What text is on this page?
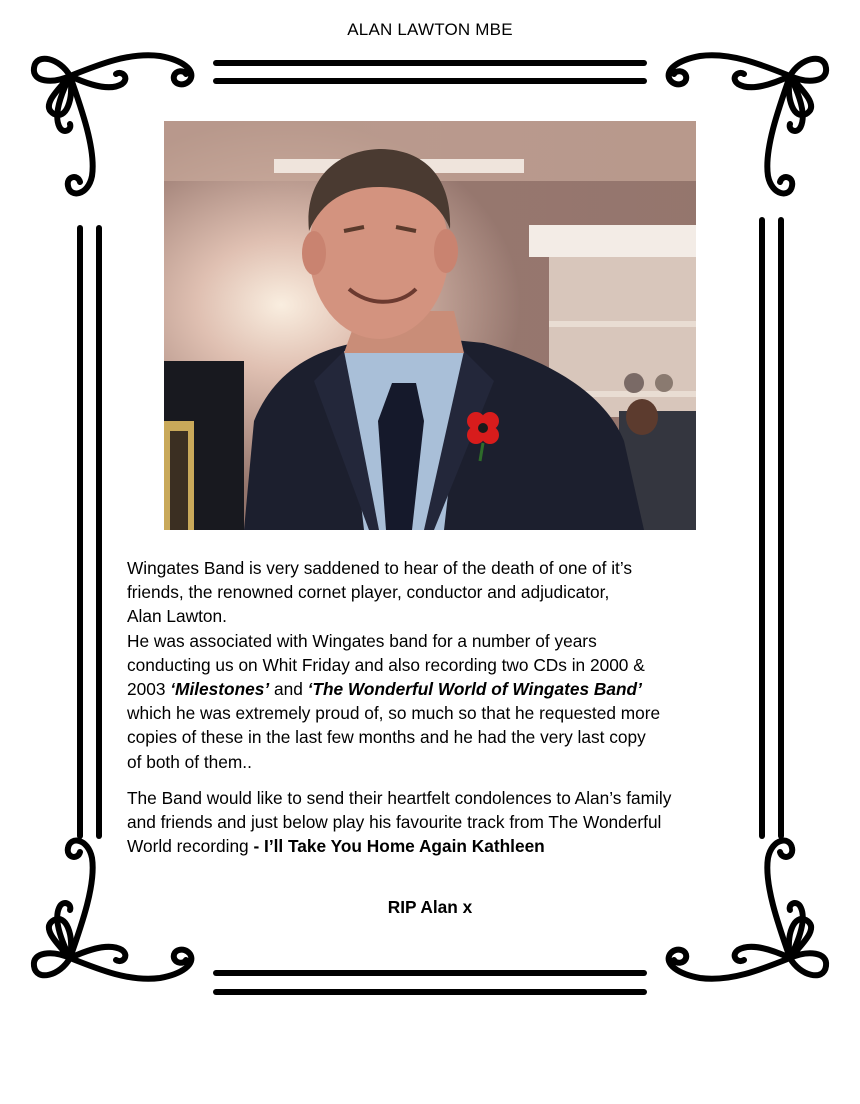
ALAN LAWTON MBE
Wingates Band is very saddened to hear of the death of one of it’s
friends, the renowned cornet player, conductor and adjudicator,
Alan Lawton.
He was associated with Wingates band for a number of years
conducting us on Whit Friday and also recording two CDs in 2000 &
2003 ‘Milestones’ and ‘The Wonderful World of Wingates Band’
which he was extremely proud of, so much so that he requested more
copies of these in the last few months and he had the very last copy
of both of them..
The Band would like to send their heartfelt condolences to Alan’s family
and friends and just below play his favourite track from The Wonderful
World recording - I’ll Take You Home Again Kathleen
RIP Alan x
